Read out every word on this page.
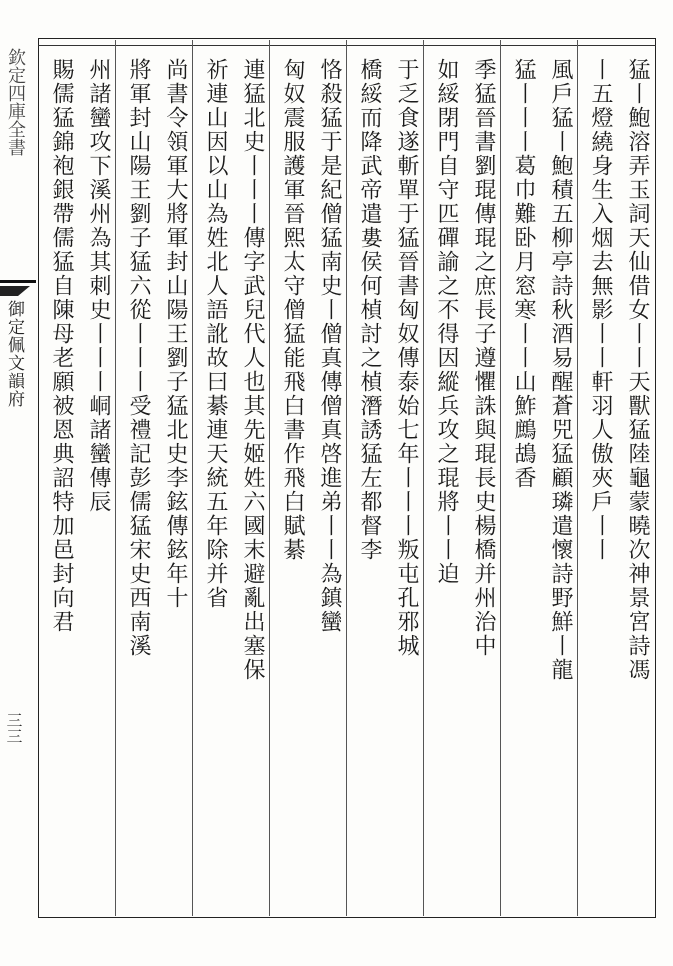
欽定四庫全書
御定佩文韻府
三三
猛丨鮑溶弄玉詞天仙借女丨丨天獸猛陸龜蒙曉次神景宮詩馮
丨五燈繞身生入烟去無影丨丨軒羽人傲夾戶丨丨
風戶猛丨鮑積五柳亭詩秋酒易醒蒼兕猛顧璘遣懷詩野鮮丨龍
猛丨丨丨葛巾難卧月窓寒丨丨山鮓鷓鴣香
季猛晉書劉琨傳琨之庶長子遵懼誅與琨長史楊橋并州治中
如綏閉門自守匹磾諭之不得因縱兵攻之琨將丨丨迫
于乏食遂斬單于猛晉書匈奴傳泰始七年丨丨丨叛屯孔邪城
橋綏而降武帝遣婁侯何楨討之楨潛誘猛左都督李
恪殺猛于是紀僧猛南史丨僧真傳僧真啓進弟丨丨為鎮蠻
匈奴震服護軍晉熙太守僧猛能飛白書作飛白賦綦
連猛北史丨丨丨傳字武兒代人也其先姬姓六國末避亂出塞保
祈連山因以山為姓北人語訛故曰綦連天統五年除并省
尚書令領軍大將軍封山陽王劉子猛北史李鉉傳鉉年十
將軍封山陽王劉子猛六從丨丨丨受禮記彭儒猛宋史西南溪
州諸蠻攻下溪州為其刺史丨丨丨峒諸蠻傳辰
賜儒猛錦袍銀帶儒猛自陳母老願被恩典詔特加邑封向君
